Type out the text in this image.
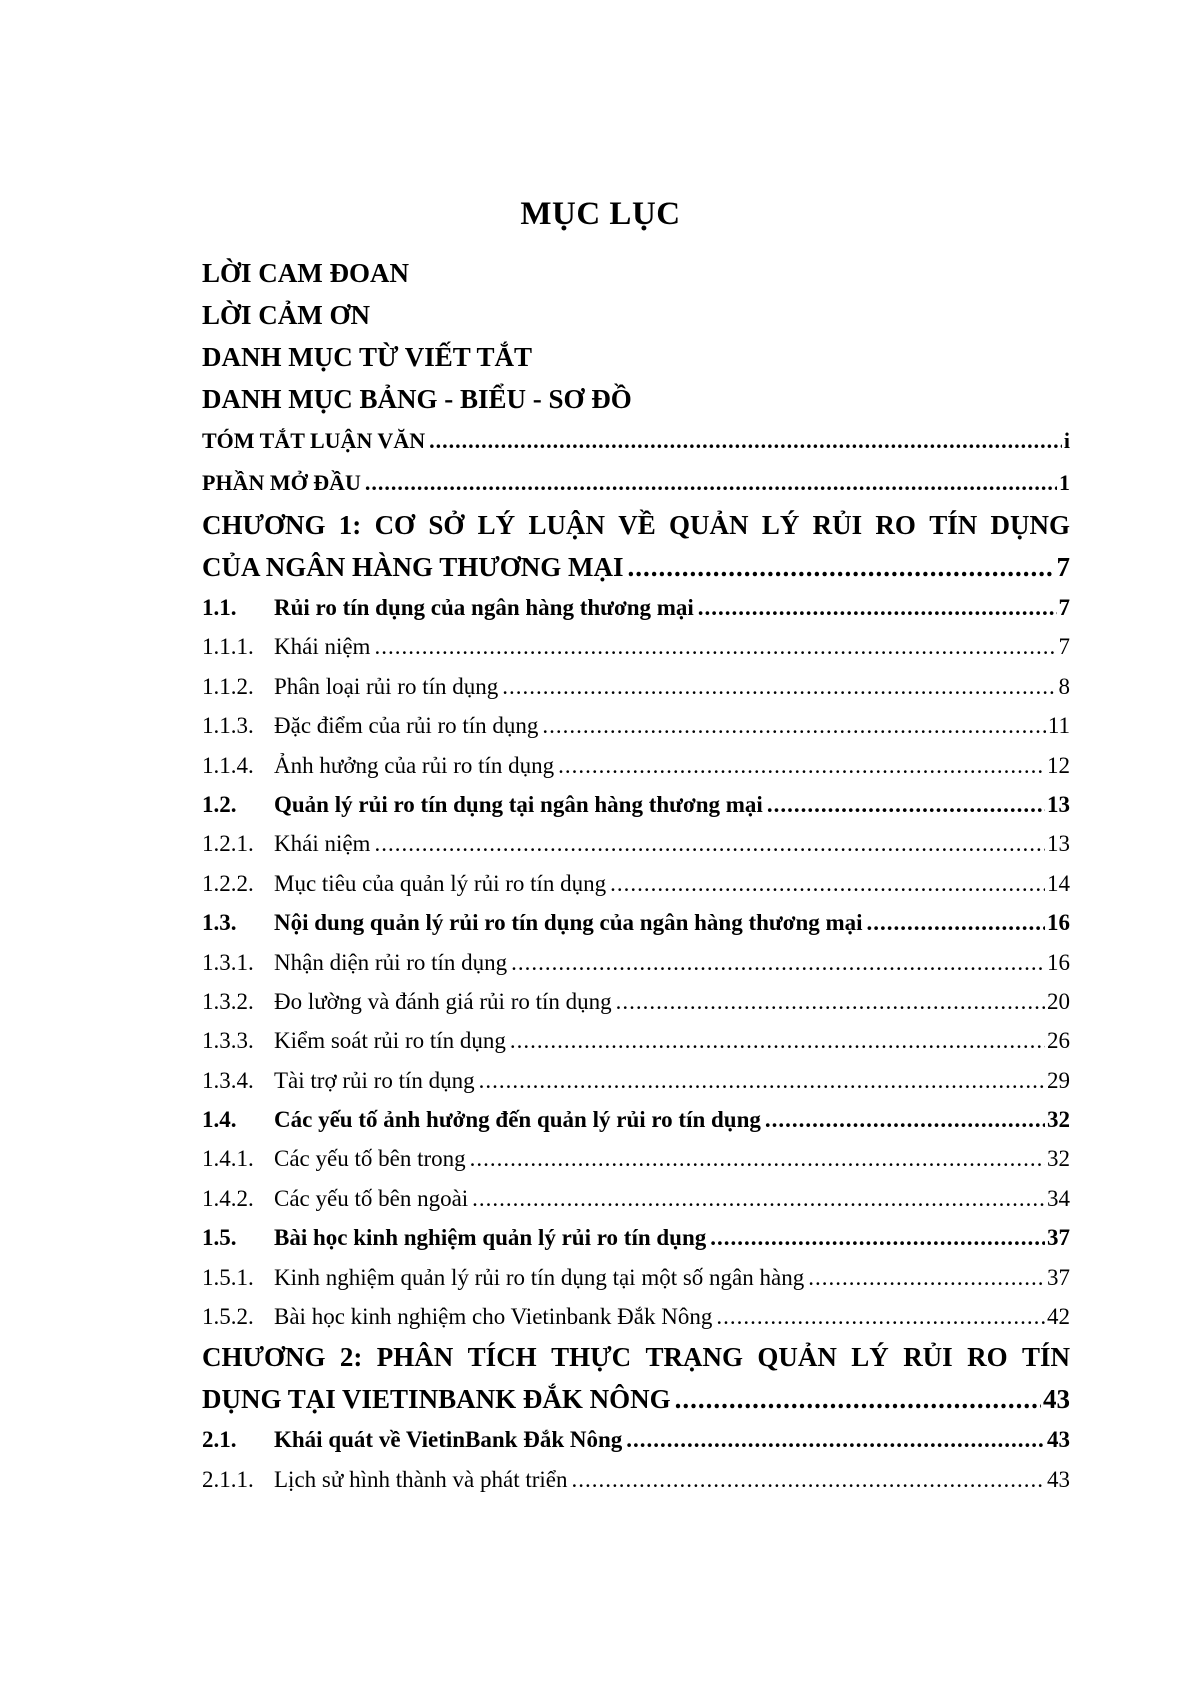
MỤC LỤC
LỜI CAM ĐOAN
LỜI CẢM ƠN
DANH MỤC TỪ VIẾT TẮT
DANH MỤC BẢNG - BIỂU - SƠ ĐỒ
TÓM TẮT LUẬN VĂN .....	i
PHẦN MỞ ĐẦU .....	1
CHƯƠNG 1: CƠ SỞ LÝ LUẬN VỀ QUẢN LÝ RỦI RO TÍN DỤNG
CỦA NGÂN HÀNG THƯƠNG MẠI .....	7
1.1.	Rủi ro tín dụng của ngân hàng thương mại .....	7
1.1.1. Khái niệm .....	7
1.1.2. Phân loại rủi ro tín dụng .....	8
1.1.3. Đặc điểm của rủi ro tín dụng .....	11
1.1.4. Ảnh hưởng của rủi ro tín dụng .....	12
1.2.	Quản lý rủi ro tín dụng tại ngân hàng thương mại .....	13
1.2.1. Khái niệm .....	13
1.2.2. Mục tiêu của quản lý rủi ro tín dụng .....	14
1.3.	Nội dung quản lý rủi ro tín dụng của ngân hàng thương mại .....	16
1.3.1. Nhận diện rủi ro tín dụng .....	16
1.3.2. Đo lường và đánh giá rủi ro tín dụng .....	20
1.3.3. Kiểm soát rủi ro tín dụng .....	26
1.3.4. Tài trợ rủi ro tín dụng .....	29
1.4.	Các yếu tố ảnh hưởng đến quản lý rủi ro tín dụng .....	32
1.4.1. Các yếu tố bên trong .....	32
1.4.2. Các yếu tố bên ngoài .....	34
1.5.	Bài học kinh nghiệm quản lý rủi ro tín dụng .....	37
1.5.1. Kinh nghiệm quản lý rủi ro tín dụng tại một số ngân hàng .....	37
1.5.2. Bài học kinh nghiệm cho Vietinbank Đắk Nông .....	42
CHƯƠNG 2: PHÂN TÍCH THỰC TRẠNG QUẢN LÝ RỦI RO TÍN
DỤNG TẠI VIETINBANK ĐẮK NÔNG .....	43
2.1.	Khái quát về VietinBank Đắk Nông .....	43
2.1.1. Lịch sử hình thành và phát triển .....	43
